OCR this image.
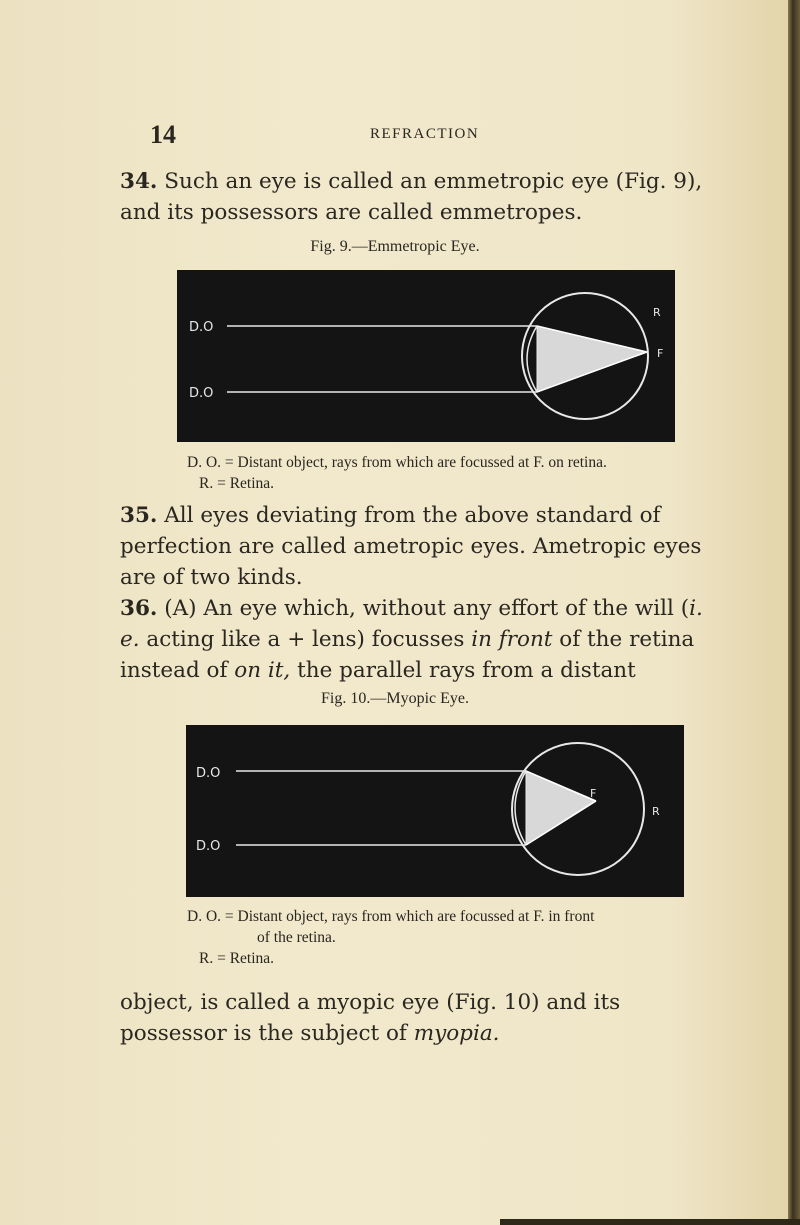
14	REFRACTION

34. Such an eye is called an emmetropic eye (Fig. 9), and its possessors are called emmetropes.

Fig. 9.—Emmetropic Eye.
D.O
D.O
R
F
D. O. = Distant object, rays from which are focussed at F. on retina.
R. = Retina.

35. All eyes deviating from the above standard of perfection are called ametropic eyes. Ametropic eyes are of two kinds.

36. (A) An eye which, without any effort of the will (i. e. acting like a + lens) focusses in front of the retina instead of on it, the parallel rays from a distant

Fig. 10.—Myopic Eye.
D.O
D.O
F
R
D. O. = Distant object, rays from which are focussed at F. in front
of the retina.
R. = Retina.

object, is called a myopic eye (Fig. 10) and its possessor is the subject of myopia.
